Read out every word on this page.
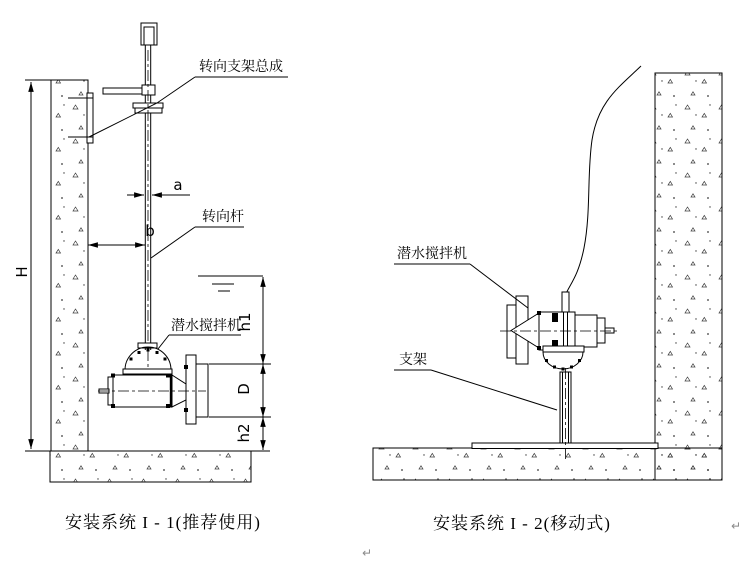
H
转向支架总成
a
转向杆
b
潜水搅拌机
h1
D
h2
安装系统 I - 1(推荐使用)
潜水搅拌机
支架
安装系统 I - 2(移动式)	↵
↵
